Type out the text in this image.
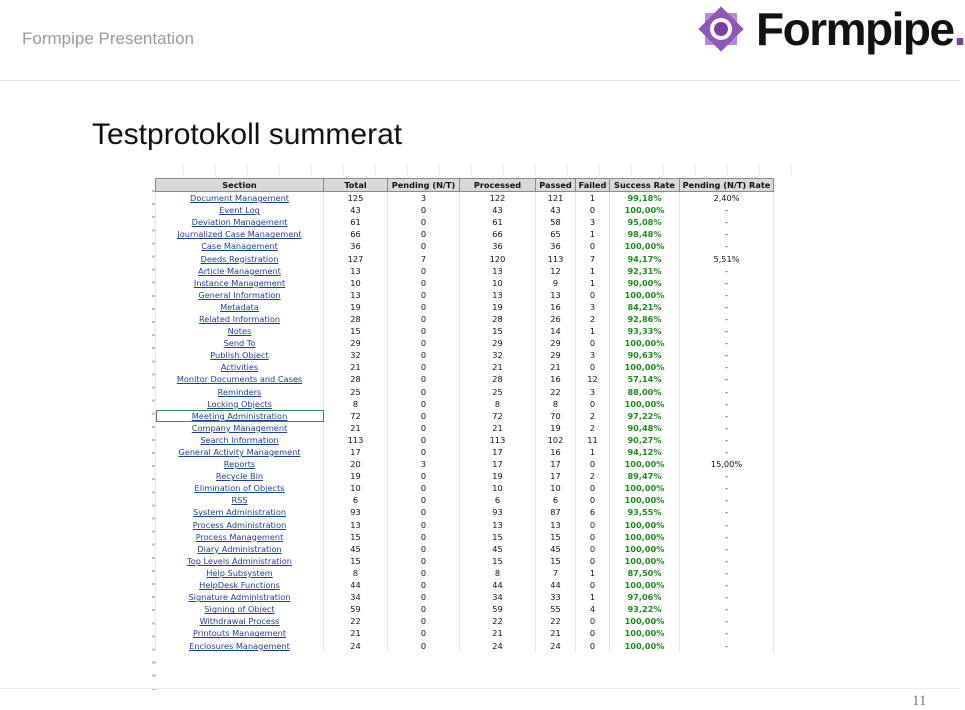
Formpipe Presentation	Formpipe.
Testprotokoll summerat
Section	Total	Pending (N/T)	Processed	Passed	Failed	Success Rate	Pending (N/T) Rate
Document Management	125	3	122	121	1	99,18%	2,40%
Event Log	43	0	43	43	0	100,00%	-
Deviation Management	61	0	61	58	3	95,08%	-
Journalized Case Management	66	0	66	65	1	98,48%	-
Case Management	36	0	36	36	0	100,00%	-
Deeds Registration	127	7	120	113	7	94,17%	5,51%
Article Management	13	0	13	12	1	92,31%	-
Instance Management	10	0	10	9	1	90,00%	-
General Information	13	0	13	13	0	100,00%	-
Metadata	19	0	19	16	3	84,21%	-
Related Information	28	0	28	26	2	92,86%	-
Notes	15	0	15	14	1	93,33%	-
Send To	29	0	29	29	0	100,00%	-
Publish Object	32	0	32	29	3	90,63%	-
Activities	21	0	21	21	0	100,00%	-
Monitor Documents and Cases	28	0	28	16	12	57,14%	-
Reminders	25	0	25	22	3	88,00%	-
Locking Objects	8	0	8	8	0	100,00%	-
Meeting Administration	72	0	72	70	2	97,22%	-
Company Management	21	0	21	19	2	90,48%	-
Search Information	113	0	113	102	11	90,27%	-
General Activity Management	17	0	17	16	1	94,12%	-
Reports	20	3	17	17	0	100,00%	15,00%
Recycle Bin	19	0	19	17	2	89,47%	-
Elimination of Objects	10	0	10	10	0	100,00%	-
RSS	6	0	6	6	0	100,00%	-
System Administration	93	0	93	87	6	93,55%	-
Process Administration	13	0	13	13	0	100,00%	-
Process Management	15	0	15	15	0	100,00%	-
Diary Administration	45	0	45	45	0	100,00%	-
Top Levels Administration	15	0	15	15	0	100,00%	-
Help Subsystem	8	0	8	7	1	87,50%	-
HelpDesk Functions	44	0	44	44	0	100,00%	-
Signature Administration	34	0	34	33	1	97,06%	-
Signing of Object	59	0	59	55	4	93,22%	-
Withdrawal Process	22	0	22	22	0	100,00%	-
Printouts Management	21	0	21	21	0	100,00%	-
Enclosures Management	24	0	24	24	0	100,00%	-
11
